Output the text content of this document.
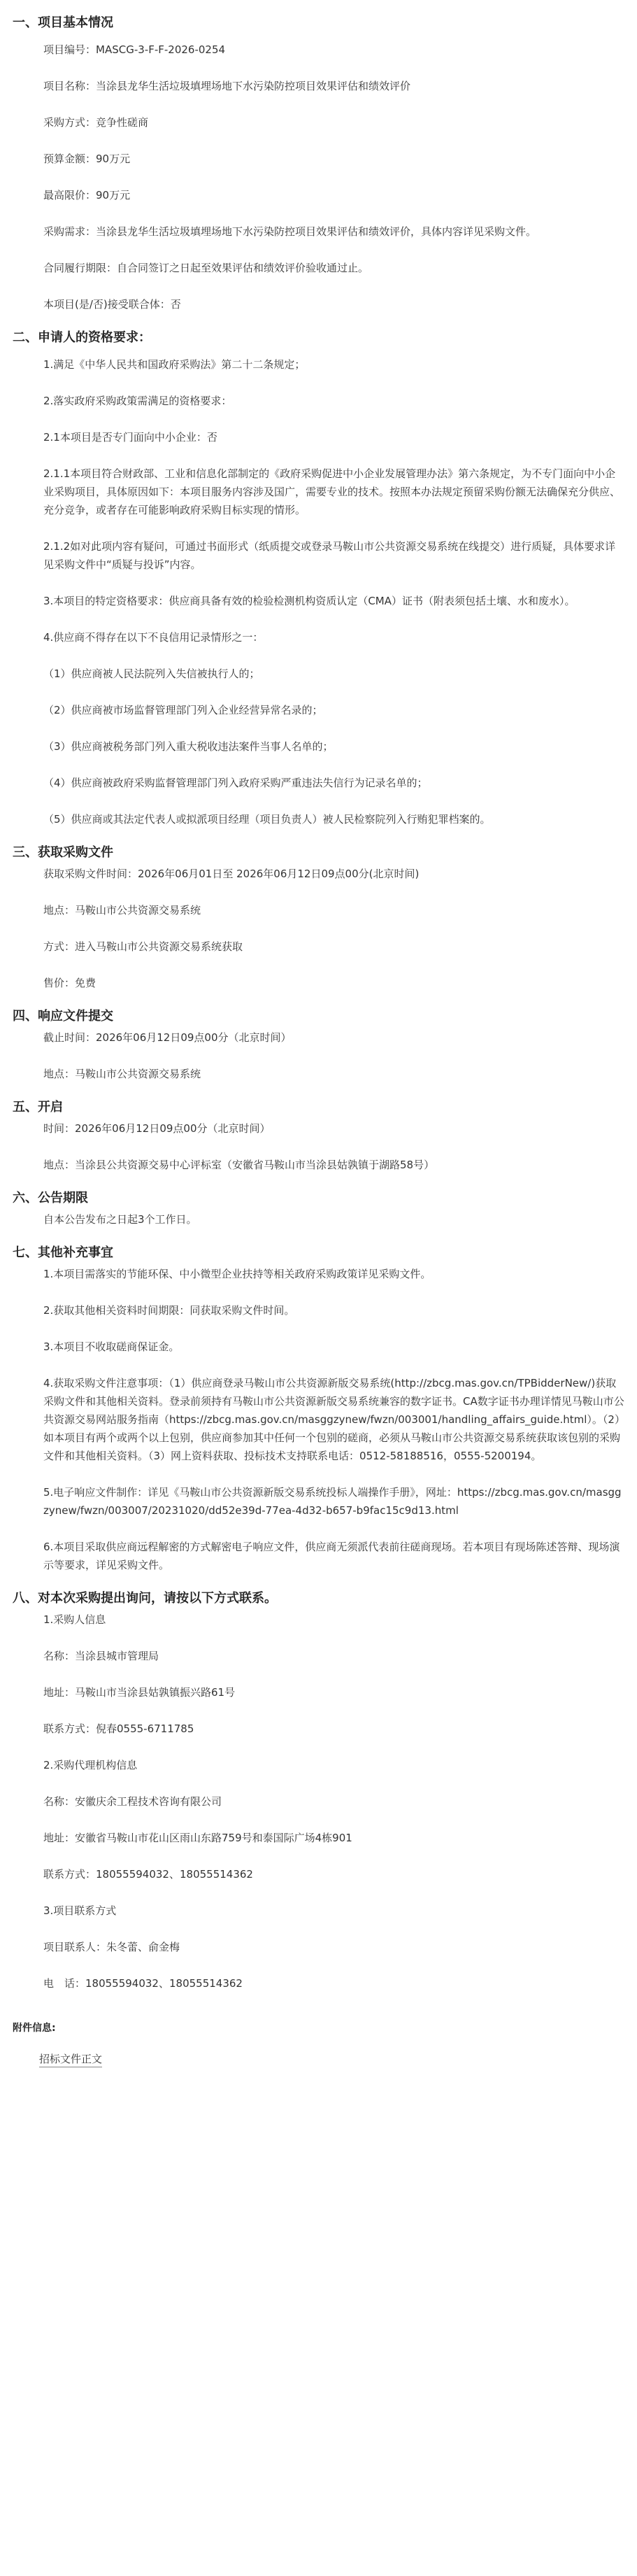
一、项目基本情况

项目编号：MASCG-3-F-F-2026-0254

项目名称：当涂县龙华生活垃圾填埋场地下水污染防控项目效果评估和绩效评价

采购方式：竞争性磋商

预算金额：90万元

最高限价：90万元

采购需求：当涂县龙华生活垃圾填埋场地下水污染防控项目效果评估和绩效评价，具体内容详见采购文件。

合同履行期限：自合同签订之日起至效果评估和绩效评价验收通过止。

本项目(是/否)接受联合体：否

二、申请人的资格要求：

1.满足《中华人民共和国政府采购法》第二十二条规定；

2.落实政府采购政策需满足的资格要求：

2.1本项目是否专门面向中小企业：否

2.1.1本项目符合财政部、工业和信息化部制定的《政府采购促进中小企业发展管理办法》第六条规定，为不专门面向中小企业采购项目，具体原因如下：本项目服务内容涉及国广，需要专业的技术。按照本办法规定预留采购份额无法确保充分供应、充分竞争，或者存在可能影响政府采购目标实现的情形。

2.1.2如对此项内容有疑问，可通过书面形式（纸质提交或登录马鞍山市公共资源交易系统在线提交）进行质疑，具体要求详见采购文件中“质疑与投诉”内容。

3.本项目的特定资格要求：供应商具备有效的检验检测机构资质认定（CMA）证书（附表须包括土壤、水和废水）。

4.供应商不得存在以下不良信用记录情形之一：

（1）供应商被人民法院列入失信被执行人的；

（2）供应商被市场监督管理部门列入企业经营异常名录的；

（3）供应商被税务部门列入重大税收违法案件当事人名单的；

（4）供应商被政府采购监督管理部门列入政府采购严重违法失信行为记录名单的；

（5）供应商或其法定代表人或拟派项目经理（项目负责人）被人民检察院列入行贿犯罪档案的。

三、获取采购文件

获取采购文件时间：2026年06月01日至 2026年06月12日09点00分(北京时间)

地点：马鞍山市公共资源交易系统

方式：进入马鞍山市公共资源交易系统获取

售价：免费

四、响应文件提交

截止时间：2026年06月12日09点00分（北京时间）

地点：马鞍山市公共资源交易系统

五、开启

时间：2026年06月12日09点00分（北京时间）

地点：当涂县公共资源交易中心评标室（安徽省马鞍山市当涂县姑孰镇于湖路58号）

六、公告期限

自本公告发布之日起3个工作日。

七、其他补充事宜

1.本项目需落实的节能环保、中小微型企业扶持等相关政府采购政策详见采购文件。

2.获取其他相关资料时间期限：同获取采购文件时间。

3.本项目不收取磋商保证金。

4.获取采购文件注意事项：（1）供应商登录马鞍山市公共资源新版交易系统(http://zbcg.mas.gov.cn/TPBidderNew/)获取采购文件和其他相关资料。登录前须持有马鞍山市公共资源新版交易系统兼容的数字证书。CA数字证书办理详情见马鞍山市公共资源交易网站服务指南（https://zbcg.mas.gov.cn/masggzynew/fwzn/003001/handling_affairs_guide.html）。（2）如本项目有两个或两个以上包别，供应商参加其中任何一个包别的磋商，必须从马鞍山市公共资源交易系统获取该包别的采购文件和其他相关资料。（3）网上资料获取、投标技术支持联系电话：0512-58188516，0555-5200194。

5.电子响应文件制作：详见《马鞍山市公共资源新版交易系统投标人端操作手册》，网址：https://zbcg.mas.gov.cn/masggzynew/fwzn/003007/20231020/dd52e39d-77ea-4d32-b657-b9fac15c9d13.html

6.本项目采取供应商远程解密的方式解密电子响应文件，供应商无须派代表前往磋商现场。若本项目有现场陈述答辩、现场演示等要求，详见采购文件。

八、对本次采购提出询问，请按以下方式联系。

1.采购人信息

名称：当涂县城市管理局

地址：马鞍山市当涂县姑孰镇振兴路61号

联系方式：倪春0555-6711785

2.采购代理机构信息

名称：安徽庆余工程技术咨询有限公司

地址：安徽省马鞍山市花山区雨山东路759号和泰国际广场4栋901

联系方式：18055594032、18055514362

3.项目联系方式

项目联系人：朱冬蕾、俞金梅

电　话：18055594032、18055514362

附件信息:
招标文件正文
